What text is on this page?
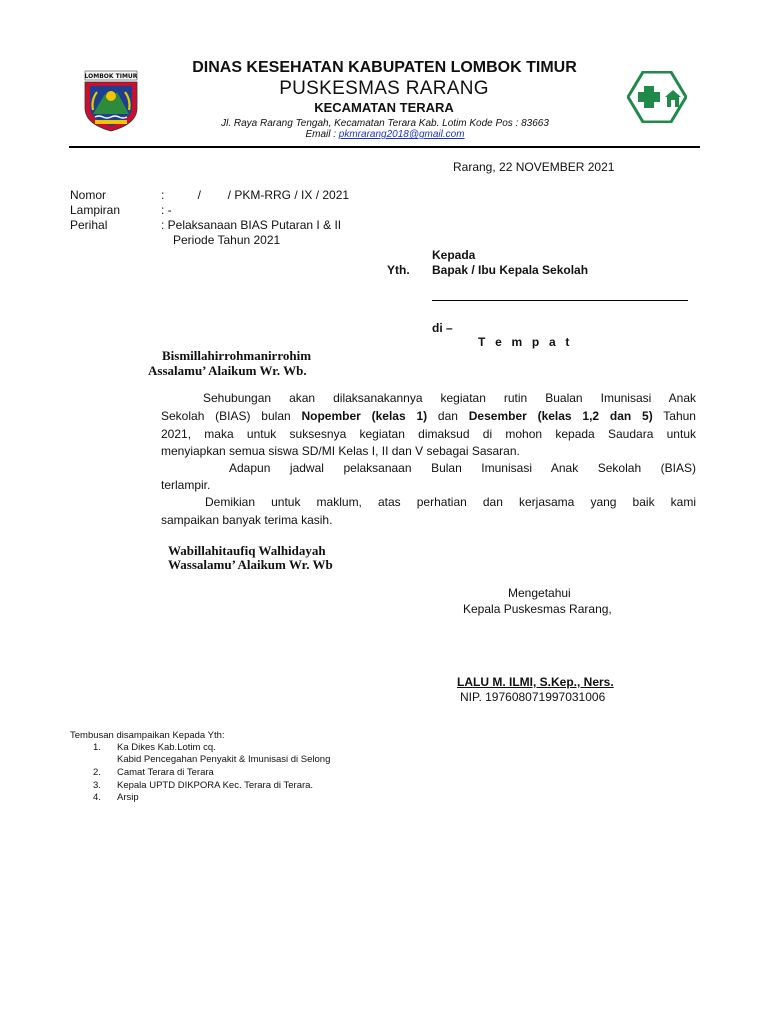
LOMBOK TIMUR
DINAS KESEHATAN KABUPATEN LOMBOK TIMUR
PUSKESMAS RARANG
KECAMATAN TERARA
Jl. Raya Rarang Tengah, Kecamatan Terara Kab. Lotim Kode Pos : 83663
Email : pkmrarang2018@gmail.com
Rarang, 22 NOVEMBER 2021
Nomor	:          /        / PKM-RRG / IX / 2021
Lampiran	: -
Perihal	: Pelaksanaan BIAS Putaran I & II
Periode Tahun 2021
Kepada
Yth. Bapak / Ibu Kepala Sekolah
di –
T e m p a t
Bismillahirrohmanirrohim
Assalamu’ Alaikum Wr. Wb.
Sehubungan akan dilaksanakannya kegiatan rutin Bualan Imunisasi Anak
Sekolah (BIAS) bulan Nopember (kelas 1) dan Desember (kelas 1,2 dan 5) Tahun
2021, maka untuk suksesnya kegiatan dimaksud di mohon kepada Saudara untuk
menyiapkan semua siswa SD/MI Kelas I, II dan V sebagai Sasaran.
Adapun jadwal pelaksanaan Bulan Imunisasi Anak Sekolah (BIAS)
terlampir.
Demikian untuk maklum, atas perhatian dan kerjasama yang baik kami
sampaikan banyak terima kasih.
Wabillahitaufiq Walhidayah
Wassalamu’ Alaikum Wr. Wb
Mengetahui
Kepala Puskesmas Rarang,
LALU M. ILMI, S.Kep., Ners.
NIP. 197608071997031006
Tembusan disampaikan Kepada Yth:
1. Ka Dikes Kab.Lotim cq.
Kabid Pencegahan Penyakit & Imunisasi di Selong
2. Camat Terara di Terara
3. Kepala UPTD DIKPORA Kec. Terara di Terara.
4. Arsip
